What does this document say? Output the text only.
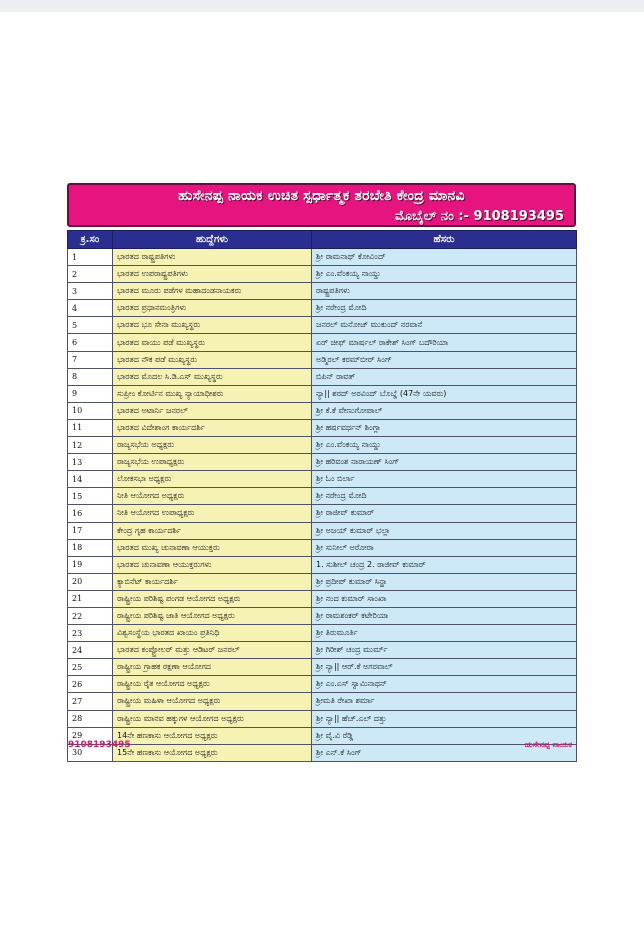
ಹುಸೇನಪ್ಪ ನಾಯಕ ಉಚಿತ ಸ್ಪರ್ಧಾತ್ಮಕ ತರಬೇತಿ ಕೇಂದ್ರ ಮಾನವಿ
ಮೊಬೈಲ್ ನಂ :- 9108193495
ಕ್ರ.ಸಂ	ಹುದ್ದೆಗಳು	ಹೆಸರು
1	ಭಾರತದ ರಾಷ್ಟ್ರಪತಿಗಳು	ಶ್ರೀ ರಾಮನಾಥ್ ಕೋವಿಂದ್
2	ಭಾರತದ ಉಪರಾಷ್ಟ್ರಪತಿಗಳು	ಶ್ರೀ ಎಂ.ವೆಂಕಯ್ಯ ನಾಯ್ಡು
3	ಭಾರತದ ಮೂರು ಪಡೆಗಳ ಮಹಾದಂಡನಾಯಕರು	ರಾಷ್ಟ್ರಪತಿಗಳು
4	ಭಾರತದ ಪ್ರಧಾನಮಂತ್ರಿಗಳು	ಶ್ರೀ ನರೇಂದ್ರ ಮೋದಿ
5	ಭಾರತದ ಭೂ ಸೇನಾ ಮುಖ್ಯಸ್ಥರು	ಜನರಲ್ ಮನೋಜ್ ಮುಕುಂದ್ ನರವಾನೆ
6	ಭಾರತದ ವಾಯು ಪಡೆ ಮುಖ್ಯಸ್ಥರು	ಏರ್ ಚೀಫ್ ಮಾರ್ಷಲ್ ರಾಕೇಶ್ ಸಿಂಗ್ ಬದೌರಿಯಾ
7	ಭಾರತದ ನೌಕ ಪಡೆ ಮುಖ್ಯಸ್ಥರು	ಅಡ್ಮಿರಲ್ ಕರಮ್‌ಬೀರ್ ಸಿಂಗ್
8	ಭಾರತದ ಮೊದಲ ಸಿ.ಡಿ.ಎಸ್ ಮುಖ್ಯಸ್ಥರು	ಬಿಪಿನ್ ರಾವತ್
9	ಸುಪ್ರೀಂ ಕೋರ್ಟಿನ ಮುಖ್ಯ ನ್ಯಾಯಾಧೀಶರು	ನ್ಯಾ|| ಶರದ್ ಅರವಿಂದ್ ಬೊಬ್ಡೆ (47ನೇ ಯವರು)
10	ಭಾರತದ ಅಟಾರ್ನಿ ಜನರಲ್	ಶ್ರೀ ಕೆ.ಕೆ ವೇಣುಗೋಪಾಲ್
11	ಭಾರತದ ವಿದೇಶಾಂಗ ಕಾರ್ಯದರ್ಶಿ	ಶ್ರೀ ಹರ್ಷವರ್ಧನ್ ಶಿಂಗ್ಲಾ
12	ರಾಜ್ಯಸಭೆಯ ಅಧ್ಯಕ್ಷರು	ಶ್ರೀ ಎಂ.ವೆಂಕಯ್ಯ ನಾಯ್ಡು
13	ರಾಜ್ಯಸಭೆಯ ಉಪಾಧ್ಯಕ್ಷರು	ಶ್ರೀ ಹರಿವಂಶ ನಾರಾಯಣ್ ಸಿಂಗ್
14	ಲೋಕಸಭಾ ಅಧ್ಯಕ್ಷರು	ಶ್ರೀ ಓಂ ಬಿರ್ಲಾ
15	ನೀತಿ ಆಯೋಗದ ಅಧ್ಯಕ್ಷರು	ಶ್ರೀ ನರೇಂದ್ರ ಮೋದಿ
16	ನೀತಿ ಆಯೋಗದ ಉಪಾಧ್ಯಕ್ಷರು	ಶ್ರೀ ರಾಜೀವ್ ಕುಮಾರ್
17	ಕೇಂದ್ರ ಗೃಹ ಕಾರ್ಯದರ್ಶಿ	ಶ್ರೀ ಅಜಯ್ ಕುಮಾರ್ ಭಲ್ಲಾ
18	ಭಾರತದ ಮುಖ್ಯ ಚುನಾವಣಾ ಆಯುಕ್ತರು	ಶ್ರೀ ಸುನೀಲ್ ಅರೋರಾ
19	ಭಾರತದ ಚುನಾವಣಾ ಆಯುಕ್ತರುಗಳು	1. ಸುಶೀಲ್ ಚಂದ್ರ 2. ರಾಜೀವ್ ಕುಮಾರ್
20	ಕ್ಯಾಬಿನೆಟ್ ಕಾರ್ಯದರ್ಶಿ	ಶ್ರೀ ಪ್ರದೀಪ್ ಕುಮಾರ್ ಸಿನ್ಹಾ
21	ರಾಷ್ಟ್ರೀಯ ಪರಿಶಿಷ್ಟ ಪಂಗಡ ಆಯೋಗದ ಅಧ್ಯಕ್ಷರು	ಶ್ರೀ ನಂದ ಕುಮಾರ್ ಸಾಂಖಾ
22	ರಾಷ್ಟ್ರೀಯ ಪರಿಶಿಷ್ಟ ಜಾತಿ ಆಯೋಗದ ಅಧ್ಯಕ್ಷರು	ಶ್ರೀ ರಾಮಶಂಕರ್ ಕಟೇರಿಯಾ
23	ವಿಶ್ವಸಂಸ್ಥೆಯ ಭಾರತದ ಖಾಯಂ ಪ್ರತಿನಿಧಿ	ಶ್ರೀ ತಿರುಮೂರ್ತಿ
24	ಭಾರತದ ಕಂಪ್ಟ್ರೋಲರ್ ಮತ್ತು ಆಡಿಟರ್ ಜನರಲ್	ಶ್ರೀ ಗಿರೀಶ್ ಚಂದ್ರ ಮುರ್ಮ್
25	ರಾಷ್ಟ್ರೀಯ ಗ್ರಾಹಕ ರಕ್ಷಣಾ ಆಯೋಗದ	ಶ್ರೀ ನ್ಯಾ|| ಆರ್.ಕೆ ಅಗರವಾಲ್
26	ರಾಷ್ಟ್ರೀಯ ರೈತ ಆಯೋಗದ ಅಧ್ಯಕ್ಷರು	ಶ್ರೀ ಎಂ.ಎಸ್ ಸ್ವಾಮಿನಾಥನ್
27	ರಾಷ್ಟ್ರೀಯ ಮಹಿಳಾ ಆಯೋಗದ ಅಧ್ಯಕ್ಷರು	ಶ್ರೀಮತಿ ರೇಖಾ ಶರ್ಮಾ
28	ರಾಷ್ಟ್ರೀಯ ಮಾನವ ಹಕ್ಕುಗಳ ಆಯೋಗದ ಅಧ್ಯಕ್ಷರು	ಶ್ರೀ ನ್ಯಾ|| ಹೆಚ್.ಎಲ್ ದತ್ತು
29	14ನೇ ಹಣಕಾಸು ಆಯೋಗದ ಅಧ್ಯಕ್ಷರು	ಶ್ರೀ ವೈ.ವಿ ರೆಡ್ಡಿ
30	15ನೇ ಹಣಕಾಸು ಆಯೋಗದ ಅಧ್ಯಕ್ಷರು	ಶ್ರೀ ಎನ್.ಕೆ ಸಿಂಗ್
9108193495	ಹುಸೇನಪ್ಪ ನಾಯಕ
